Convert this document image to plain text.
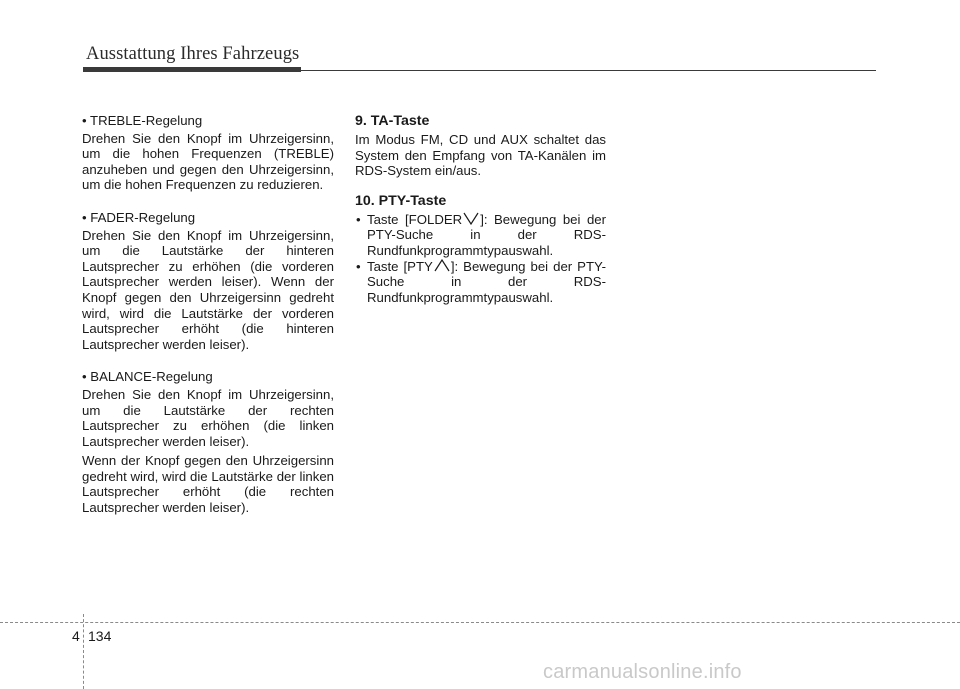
Ausstattung Ihres Fahrzeugs
• TREBLE-Regelung
Drehen Sie den Knopf im Uhrzeigersinn, um die hohen Frequenzen (TREBLE) anzuheben und gegen den Uhrzeigersinn, um die hohen Frequenzen zu reduzieren.
• FADER-Regelung
Drehen Sie den Knopf im Uhrzeigersinn, um die Lautstärke der hinteren Lautsprecher zu erhöhen (die vorderen Lautsprecher werden leiser). Wenn der Knopf gegen den Uhrzeigersinn gedreht wird, wird die Lautstärke der vorderen Lautsprecher erhöht (die hinteren Lautsprecher werden leiser).
• BALANCE-Regelung
Drehen Sie den Knopf im Uhrzeigersinn, um die Lautstärke der rechten Lautsprecher zu erhöhen (die linken Lautsprecher werden leiser).
Wenn der Knopf gegen den Uhrzeigersinn gedreht wird, wird die Lautstärke der linken Lautsprecher erhöht (die rechten Lautsprecher werden leiser).
9. TA-Taste
Im Modus FM, CD und AUX schaltet das System den Empfang von TA-Kanälen im RDS-System ein/aus.
10. PTY-Taste
• Taste [FOLDER ]: Bewegung bei der PTY-Suche in der RDS-Rundfunkprogrammtypauswahl.
• Taste [PTY ]: Bewegung bei der PTY-Suche in der RDS-Rundfunkprogrammtypauswahl.
4 134
carmanualsonline.info
